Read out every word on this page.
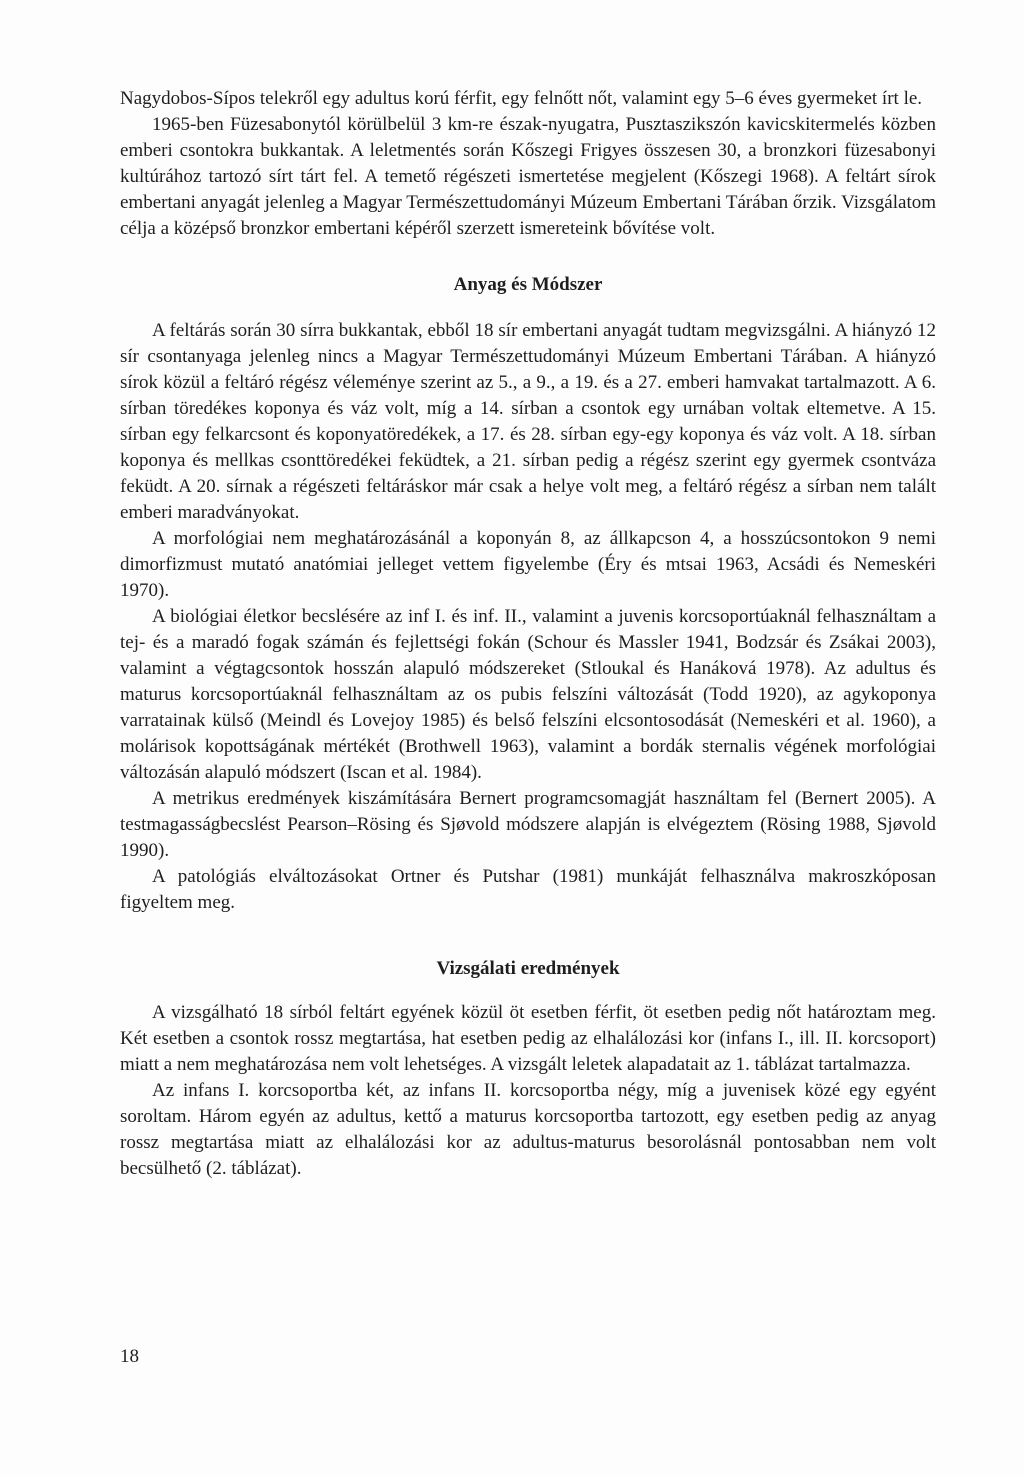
Nagydobos-Sípos telekről egy adultus korú férfit, egy felnőtt nőt, valamint egy 5–6 éves gyermeket írt le.

1965-ben Füzesabonytól körülbelül 3 km-re észak-nyugatra, Pusztaszikszón kavicskitermelés közben emberi csontokra bukkantak. A leletmentés során Kőszegi Frigyes összesen 30, a bronzkori füzesabonyi kultúrához tartozó sírt tárt fel. A temető régészeti ismertetése megjelent (Kőszegi 1968). A feltárt sírok embertani anyagát jelenleg a Magyar Természettudományi Múzeum Embertani Tárában őrzik. Vizsgálatom célja a középső bronzkor embertani képéről szerzett ismereteink bővítése volt.

Anyag és Módszer

A feltárás során 30 sírra bukkantak, ebből 18 sír embertani anyagát tudtam megvizsgálni. A hiányzó 12 sír csontanyaga jelenleg nincs a Magyar Természettudományi Múzeum Embertani Tárában. A hiányzó sírok közül a feltáró régész véleménye szerint az 5., a 9., a 19. és a 27. emberi hamvakat tartalmazott. A 6. sírban töredékes koponya és váz volt, míg a 14. sírban a csontok egy urnában voltak eltemetve. A 15. sírban egy felkarcsont és koponyatöredékek, a 17. és 28. sírban egy-egy koponya és váz volt. A 18. sírban koponya és mellkas csonttöredékei feküdtek, a 21. sírban pedig a régész szerint egy gyermek csontváza feküdt. A 20. sírnak a régészeti feltáráskor már csak a helye volt meg, a feltáró régész a sírban nem talált emberi maradványokat.

A morfológiai nem meghatározásánál a koponyán 8, az állkapcson 4, a hosszúcsontokon 9 nemi dimorfizmust mutató anatómiai jelleget vettem figyelembe (Éry és mtsai 1963, Acsádi és Nemeskéri 1970).

A biológiai életkor becslésére az inf I. és inf. II., valamint a juvenis korcsoportúaknál felhasználtam a tej- és a maradó fogak számán és fejlettségi fokán (Schour és Massler 1941, Bodzsár és Zsákai 2003), valamint a végtagcsontok hosszán alapuló módszereket (Stloukal és Hanáková 1978). Az adultus és maturus korcsoportúaknál felhasználtam az os pubis felszíni változását (Todd 1920), az agykoponya varratainak külső (Meindl és Lovejoy 1985) és belső felszíni elcsontosodását (Nemeskéri et al. 1960), a molárisok kopottságának mértékét (Brothwell 1963), valamint a bordák sternalis végének morfológiai változásán alapuló módszert (Iscan et al. 1984).

A metrikus eredmények kiszámítására Bernert programcsomagját használtam fel (Bernert 2005). A testmagasságbecslést Pearson–Rösing és Sjøvold módszere alapján is elvégeztem (Rösing 1988, Sjøvold 1990).

A patológiás elváltozásokat Ortner és Putshar (1981) munkáját felhasználva makroszkóposan figyeltem meg.

Vizsgálati eredmények

A vizsgálható 18 sírból feltárt egyének közül öt esetben férfit, öt esetben pedig nőt határoztam meg. Két esetben a csontok rossz megtartása, hat esetben pedig az elhalálozási kor (infans I., ill. II. korcsoport) miatt a nem meghatározása nem volt lehetséges. A vizsgált leletek alapadatait az 1. táblázat tartalmazza.

Az infans I. korcsoportba két, az infans II. korcsoportba négy, míg a juvenisek közé egy egyént soroltam. Három egyén az adultus, kettő a maturus korcsoportba tartozott, egy esetben pedig az anyag rossz megtartása miatt az elhalálozási kor az adultus-maturus besorolásnál pontosabban nem volt becsülhető (2. táblázat).

18
